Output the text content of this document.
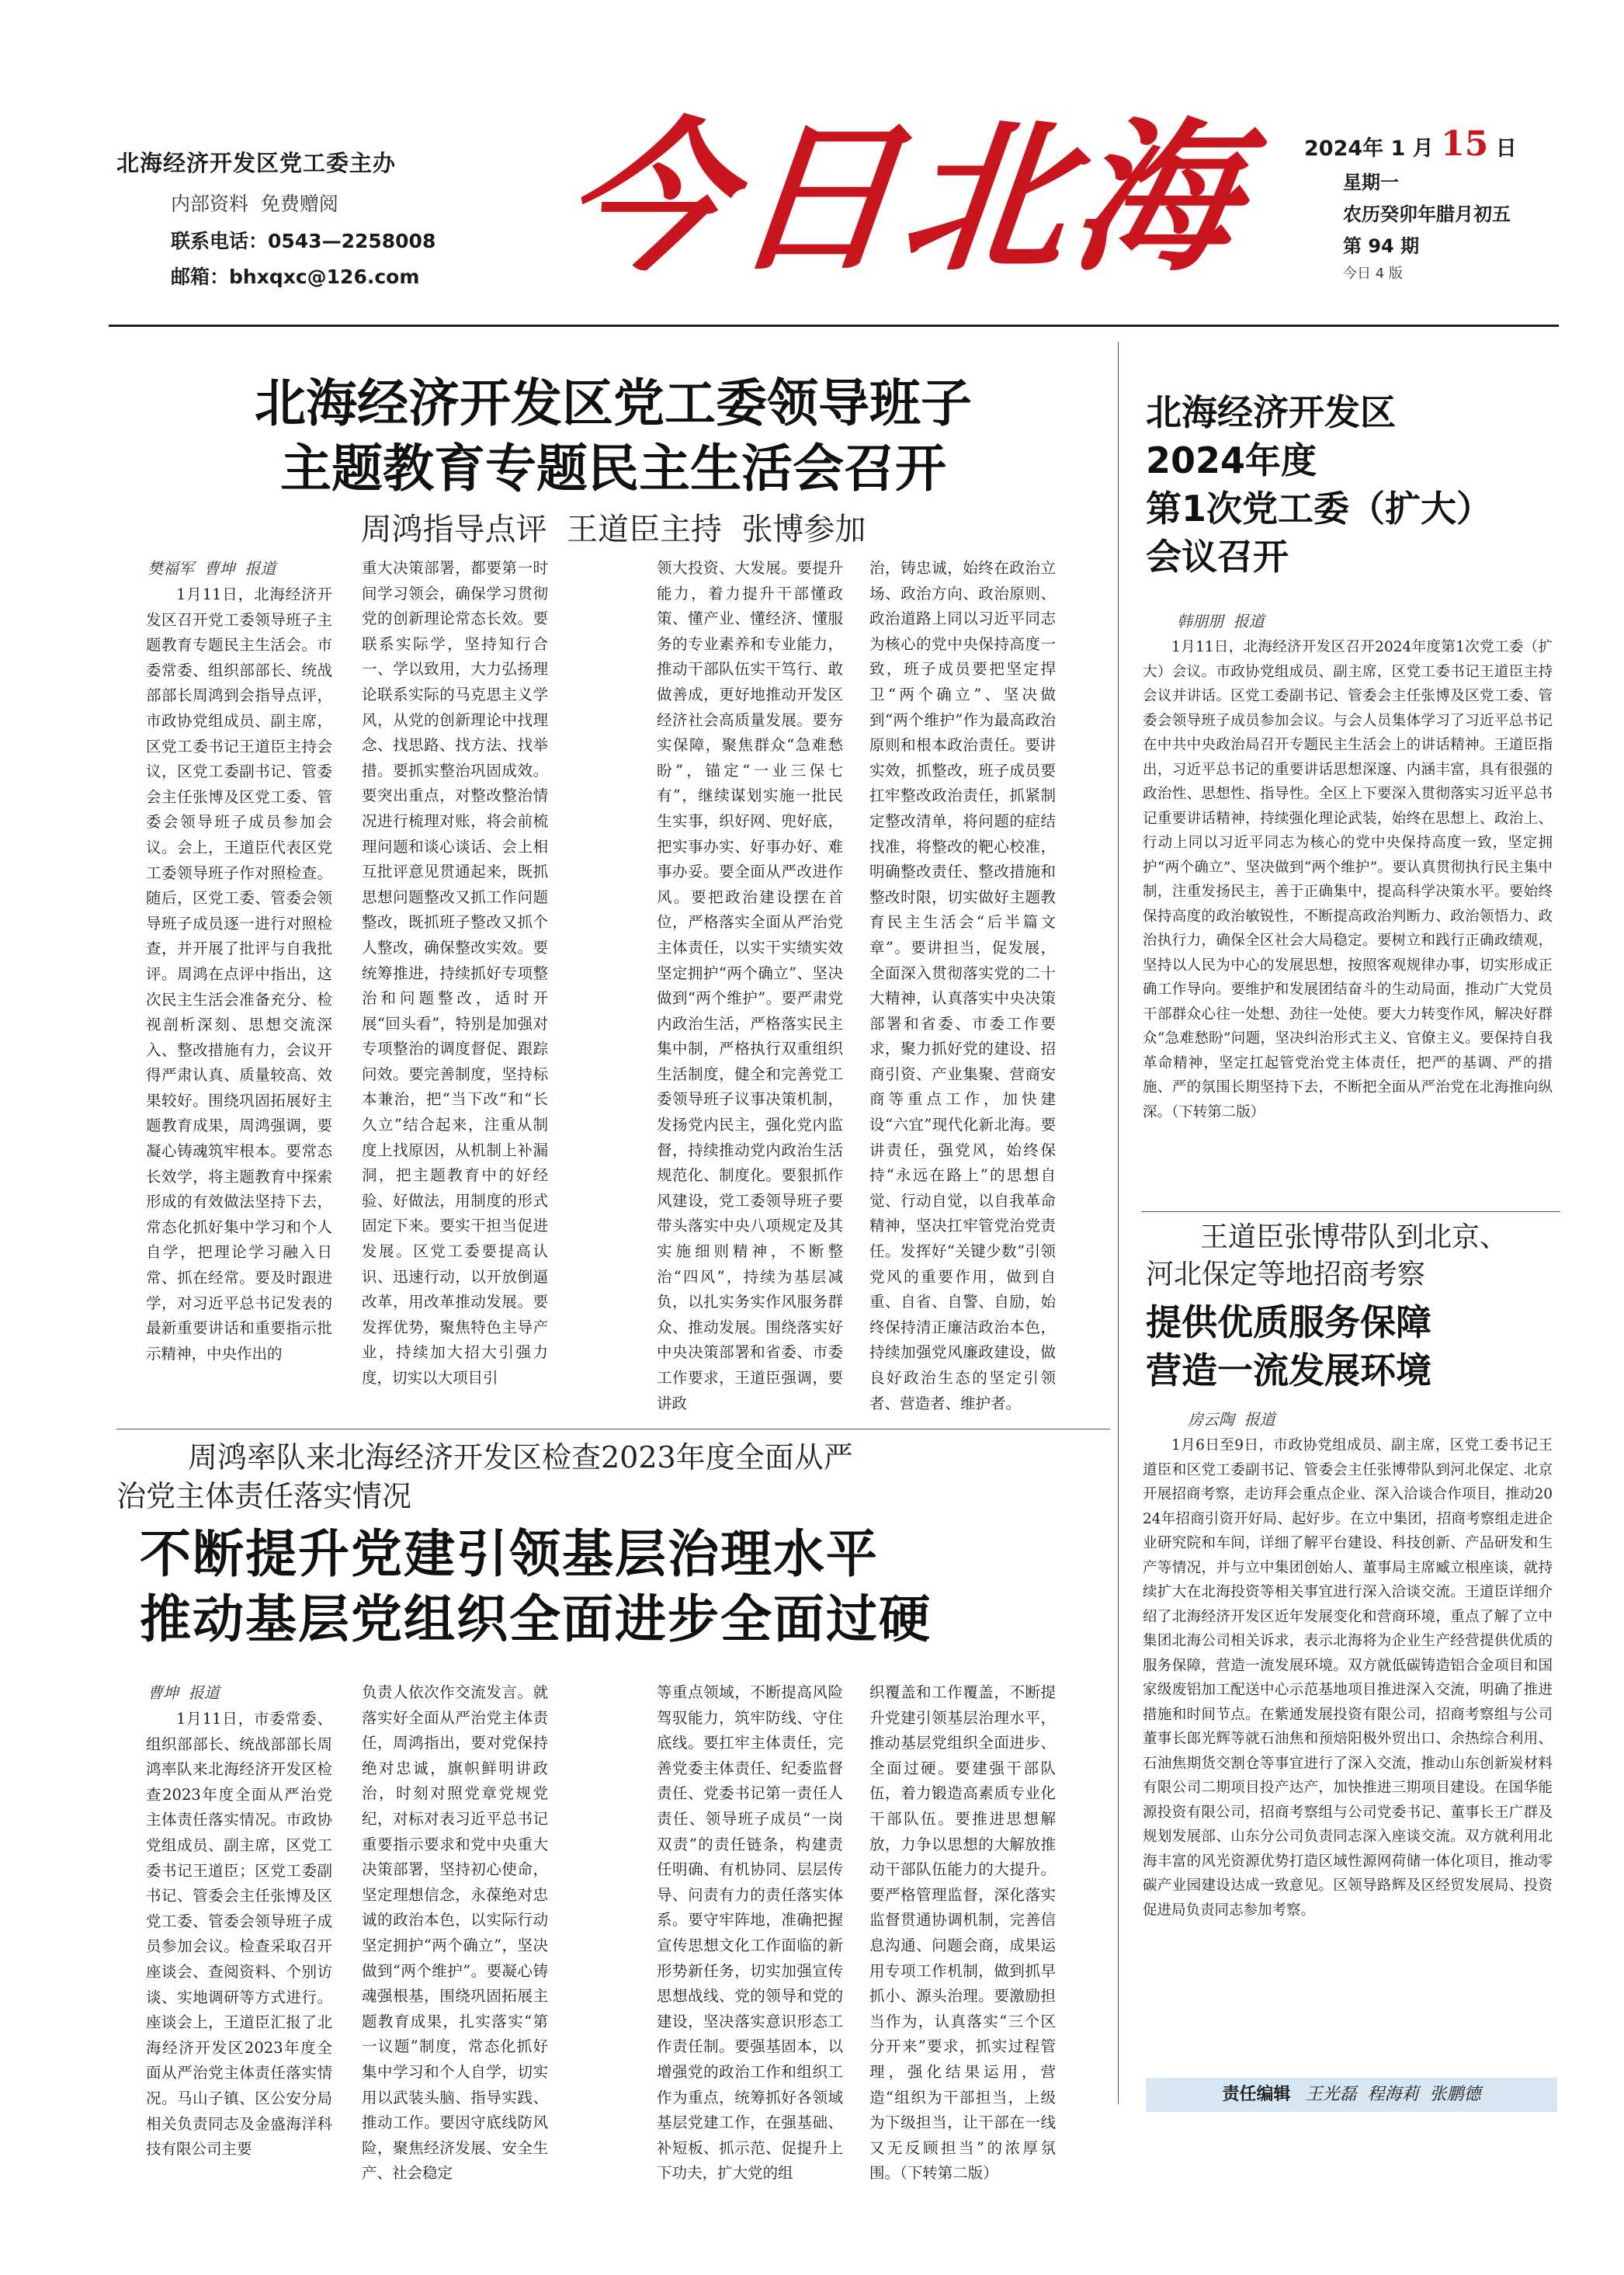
北海经济开发区党工委主办
内部资料  免费赠阅
联系电话：0543—2258008
邮箱：bhxqxc@126.com 今日北海	2024年 1 月 15 日
星期一
农历癸卯年腊月初五
第 94 期
今日 4 版
北海经济开发区党工委领导班子
主题教育专题民主生活会召开
周鸿指导点评  王道臣主持  张博参加
樊福军  曹坤  报道
1月11日，北海经济开发区召开党工委领导班子主题教育专题民主生活会。市委常委、组织部部长、统战部部长周鸿到会指导点评，市政协党组成员、副主席，区党工委书记王道臣主持会议，区党工委副书记、管委会主任张博及区党工委、管委会领导班子成员参加会议。会上，王道臣代表区党工委领导班子作对照检查。随后，区党工委、管委会领导班子成员逐一进行对照检查，并开展了批评与自我批评。周鸿在点评中指出，这次民主生活会准备充分、检视剖析深刻、思想交流深入、整改措施有力，会议开得严肃认真、质量较高、效果较好。围绕巩固拓展好主题教育成果，周鸿强调，要凝心铸魂筑牢根本。要常态长效学，将主题教育中探索形成的有效做法坚持下去，常态化抓好集中学习和个人自学，把理论学习融入日常、抓在经常。要及时跟进学，对习近平总书记发表的最新重要讲话和重要指示批示精神，中央作出的
重大决策部署，都要第一时间学习领会，确保学习贯彻党的创新理论常态长效。要联系实际学，坚持知行合一、学以致用，大力弘扬理论联系实际的马克思主义学风，从党的创新理论中找理念、找思路、找方法、找举措。要抓实整治巩固成效。要突出重点，对整改整治情况进行梳理对账，将会前梳理问题和谈心谈话、会上相互批评意见贯通起来，既抓思想问题整改又抓工作问题整改，既抓班子整改又抓个人整改，确保整改实效。要统筹推进，持续抓好专项整治和问题整改，适时开展“回头看”，特别是加强对专项整治的调度督促、跟踪问效。要完善制度，坚持标本兼治，把“当下改”和“长久立”结合起来，注重从制度上找原因，从机制上补漏洞，把主题教育中的好经验、好做法，用制度的形式固定下来。要实干担当促进发展。区党工委要提高认识、迅速行动，以开放倒逼改革，用改革推动发展。要发挥优势，聚焦特色主导产业，持续加大招大引强力度，切实以大项目引
领大投资、大发展。要提升能力，着力提升干部懂政策、懂产业、懂经济、懂服务的专业素养和专业能力，推动干部队伍实干笃行、敢做善成，更好地推动开发区经济社会高质量发展。要夯实保障，聚焦群众“急难愁盼”，锚定“一业三保七有”，继续谋划实施一批民生实事，织好网、兜好底，把实事办实、好事办好、难事办妥。要全面从严改进作风。要把政治建设摆在首位，严格落实全面从严治党主体责任，以实干实绩实效坚定拥护“两个确立”、坚决做到“两个维护”。要严肃党内政治生活，严格落实民主集中制，严格执行双重组织生活制度，健全和完善党工委领导班子议事决策机制，发扬党内民主，强化党内监督，持续推动党内政治生活规范化、制度化。要狠抓作风建设，党工委领导班子要带头落实中央八项规定及其实施细则精神，不断整治“四风”，持续为基层减负，以扎实务实作风服务群众、推动发展。围绕落实好中央决策部署和省委、市委工作要求，王道臣强调，要讲政
治，铸忠诚，始终在政治立场、政治方向、政治原则、政治道路上同以习近平同志为核心的党中央保持高度一致，班子成员要把坚定捍卫“两个确立”、坚决做到“两个维护”作为最高政治原则和根本政治责任。要讲实效，抓整改，班子成员要扛牢整改政治责任，抓紧制定整改清单，将问题的症结找准，将整改的靶心校准，明确整改责任、整改措施和整改时限，切实做好主题教育民主生活会“后半篇文章”。要讲担当，促发展，全面深入贯彻落实党的二十大精神，认真落实中央决策部署和省委、市委工作要求，聚力抓好党的建设、招商引资、产业集聚、营商安商等重点工作，加快建设“六宜”现代化新北海。要讲责任，强党风，始终保持“永远在路上”的思想自觉、行动自觉，以自我革命精神，坚决扛牢管党治党责任。发挥好“关键少数”引领党风的重要作用，做到自重、自省、自警、自励，始终保持清正廉洁政治本色，持续加强党风廉政建设，做良好政治生态的坚定引领者、营造者、维护者。
北海经济开发区
2024年度
第1次党工委（扩大）
会议召开
韩朋朋  报道
1月11日，北海经济开发区召开2024年度第1次党工委（扩大）会议。市政协党组成员、副主席，区党工委书记王道臣主持会议并讲话。区党工委副书记、管委会主任张博及区党工委、管委会领导班子成员参加会议。与会人员集体学习了习近平总书记在中共中央政治局召开专题民主生活会上的讲话精神。王道臣指出，习近平总书记的重要讲话思想深邃、内涵丰富，具有很强的政治性、思想性、指导性。全区上下要深入贯彻落实习近平总书记重要讲话精神，持续强化理论武装，始终在思想上、政治上、行动上同以习近平同志为核心的党中央保持高度一致，坚定拥护“两个确立”、坚决做到“两个维护”。要认真贯彻执行民主集中制，注重发扬民主，善于正确集中，提高科学决策水平。要始终保持高度的政治敏锐性，不断提高政治判断力、政治领悟力、政治执行力，确保全区社会大局稳定。要树立和践行正确政绩观，坚持以人民为中心的发展思想，按照客观规律办事，切实形成正确工作导向。要维护和发展团结奋斗的生动局面，推动广大党员干部群众心往一处想、劲往一处使。要大力转变作风，解决好群众“急难愁盼”问题，坚决纠治形式主义、官僚主义。要保持自我革命精神，坚定扛起管党治党主体责任，把严的基调、严的措施、严的氛围长期坚持下去，不断把全面从严治党在北海推向纵深。（下转第二版）
王道臣张博带队到北京、
河北保定等地招商考察
提供优质服务保障
营造一流发展环境
房云陶  报道
1月6日至9日，市政协党组成员、副主席，区党工委书记王道臣和区党工委副书记、管委会主任张博带队到河北保定、北京开展招商考察，走访拜会重点企业、深入洽谈合作项目，推动2024年招商引资开好局、起好步。在立中集团，招商考察组走进企业研究院和车间，详细了解平台建设、科技创新、产品研发和生产等情况，并与立中集团创始人、董事局主席臧立根座谈，就持续扩大在北海投资等相关事宜进行深入洽谈交流。王道臣详细介绍了北海经济开发区近年发展变化和营商环境，重点了解了立中集团北海公司相关诉求，表示北海将为企业生产经营提供优质的服务保障，营造一流发展环境。双方就低碳铸造铝合金项目和国家级废铝加工配送中心示范基地项目推进深入交流，明确了推进措施和时间节点。在紫通发展投资有限公司，招商考察组与公司董事长郎光辉等就石油焦和预焙阳极外贸出口、余热综合利用、石油焦期货交割仓等事宜进行了深入交流，推动山东创新炭材料有限公司二期项目投产达产，加快推进三期项目建设。在国华能源投资有限公司，招商考察组与公司党委书记、董事长王广群及规划发展部、山东分公司负责同志深入座谈交流。双方就利用北海丰富的风光资源优势打造区域性源网荷储一体化项目，推动零碳产业园建设达成一致意见。区领导路辉及区经贸发展局、投资促进局负责同志参加考察。
责任编辑 王光磊  程海莉  张鹏德
周鸿率队来北海经济开发区检查2023年度全面从严
治党主体责任落实情况
不断提升党建引领基层治理水平
推动基层党组织全面进步全面过硬
曹坤  报道
1月11日，市委常委、组织部部长、统战部部长周鸿率队来北海经济开发区检查2023年度全面从严治党主体责任落实情况。市政协党组成员、副主席，区党工委书记王道臣；区党工委副书记、管委会主任张博及区党工委、管委会领导班子成员参加会议。检查采取召开座谈会、查阅资料、个别访谈、实地调研等方式进行。座谈会上，王道臣汇报了北海经济开发区2023年度全面从严治党主体责任落实情况。马山子镇、区公安分局相关负责同志及金盛海洋科技有限公司主要
负责人依次作交流发言。就落实好全面从严治党主体责任，周鸿指出，要对党保持绝对忠诚，旗帜鲜明讲政治，时刻对照党章党规党纪，对标对表习近平总书记重要指示要求和党中央重大决策部署，坚持初心使命，坚定理想信念，永葆绝对忠诚的政治本色，以实际行动坚定拥护“两个确立”，坚决做到“两个维护”。要凝心铸魂强根基，围绕巩固拓展主题教育成果，扎实落实“第一议题”制度，常态化抓好集中学习和个人自学，切实用以武装头脑、指导实践、推动工作。要因守底线防风险，聚焦经济发展、安全生产、社会稳定
等重点领域，不断提高风险驾驭能力，筑牢防线、守住底线。要扛牢主体责任，完善党委主体责任、纪委监督责任、党委书记第一责任人责任、领导班子成员“一岗双责”的责任链条，构建责任明确、有机协同、层层传导、问责有力的责任落实体系。要守牢阵地，准确把握宣传思想文化工作面临的新形势新任务，切实加强宣传思想战线、党的领导和党的建设，坚决落实意识形态工作责任制。要强基固本，以增强党的政治工作和组织工作为重点，统筹抓好各领域基层党建工作，在强基础、补短板、抓示范、促提升上下功夫，扩大党的组
织覆盖和工作覆盖，不断提升党建引领基层治理水平，推动基层党组织全面进步、全面过硬。要建强干部队伍，着力锻造高素质专业化干部队伍。要推进思想解放，力争以思想的大解放推动干部队伍能力的大提升。要严格管理监督，深化落实监督贯通协调机制，完善信息沟通、问题会商，成果运用专项工作机制，做到抓早抓小、源头治理。要激励担当作为，认真落实“三个区分开来”要求，抓实过程管理，强化结果运用，营造“组织为干部担当，上级为下级担当，让干部在一线又无反顾担当”的浓厚氛围。（下转第二版）
